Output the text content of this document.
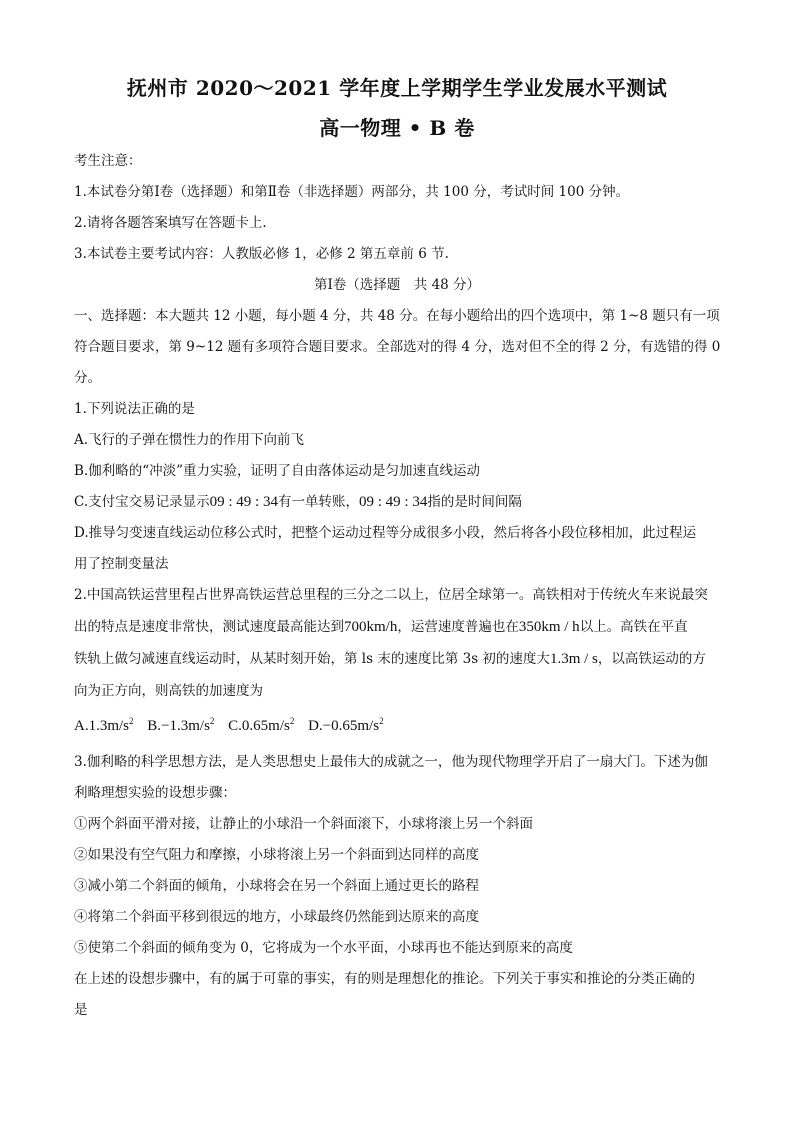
抚州市 2020～2021 学年度上学期学生学业发展水平测试
高一物理 • B 卷
考生注意：
1.本试卷分第Ⅰ卷（选择题）和第Ⅱ卷（非选择题）两部分，共 100 分，考试时间 100 分钟。
2.请将各题答案填写在答题卡上.
3.本试卷主要考试内容：人教版必修 1，必修 2 第五章前 6 节.
第Ⅰ卷（选择题　共 48 分）
一、选择题：本大题共 12 小题，每小题 4 分，共 48 分。在每小题给出的四个选项中，第 1~8 题只有一项
符合题目要求，第 9~12 题有多项符合题目要求。全部选对的得 4 分，选对但不全的得 2 分，有选错的得 0
分。
1.下列说法正确的是
A.飞行的子弹在惯性力的作用下向前飞
B.伽利略的“冲淡”重力实验，证明了自由落体运动是匀加速直线运动
C.支付宝交易记录显示09 : 49 : 34有一单转账，09 : 49 : 34指的是时间间隔
D.推导匀变速直线运动位移公式时，把整个运动过程等分成很多小段，然后将各小段位移相加，此过程运
用了控制变量法
2.中国高铁运营里程占世界高铁运营总里程的三分之二以上，位居全球第一。高铁相对于传统火车来说最突
出的特点是速度非常快，测试速度最高能达到700km/h，运营速度普遍也在350km / h以上。高铁在平直
铁轨上做匀减速直线运动时，从某时刻开始，第 ls 末的速度比第 3s 初的速度大1.3m / s，以高铁运动的方
向为正方向，则高铁的加速度为
$A.1.3m/s^2$ $B.-1.3m/s^2$ $C.0.65m/s^2$ $D.-0.65m/s^2$
3.伽利略的科学思想方法，是人类思想史上最伟大的成就之一，他为现代物理学开启了一扇大门。下述为伽
利略理想实验的设想步骤：
①两个斜面平滑对接，让静止的小球沿一个斜面滚下，小球将滚上另一个斜面
②如果没有空气阻力和摩擦，小球将滚上另一个斜面到达同样的高度
③减小第二个斜面的倾角，小球将会在另一个斜面上通过更长的路程
④将第二个斜面平移到很远的地方，小球最终仍然能到达原来的高度
⑤使第二个斜面的倾角变为 0，它将成为一个水平面，小球再也不能达到原来的高度
在上述的设想步骤中，有的属于可靠的事实，有的则是理想化的推论。下列关于事实和推论的分类正确的
是
